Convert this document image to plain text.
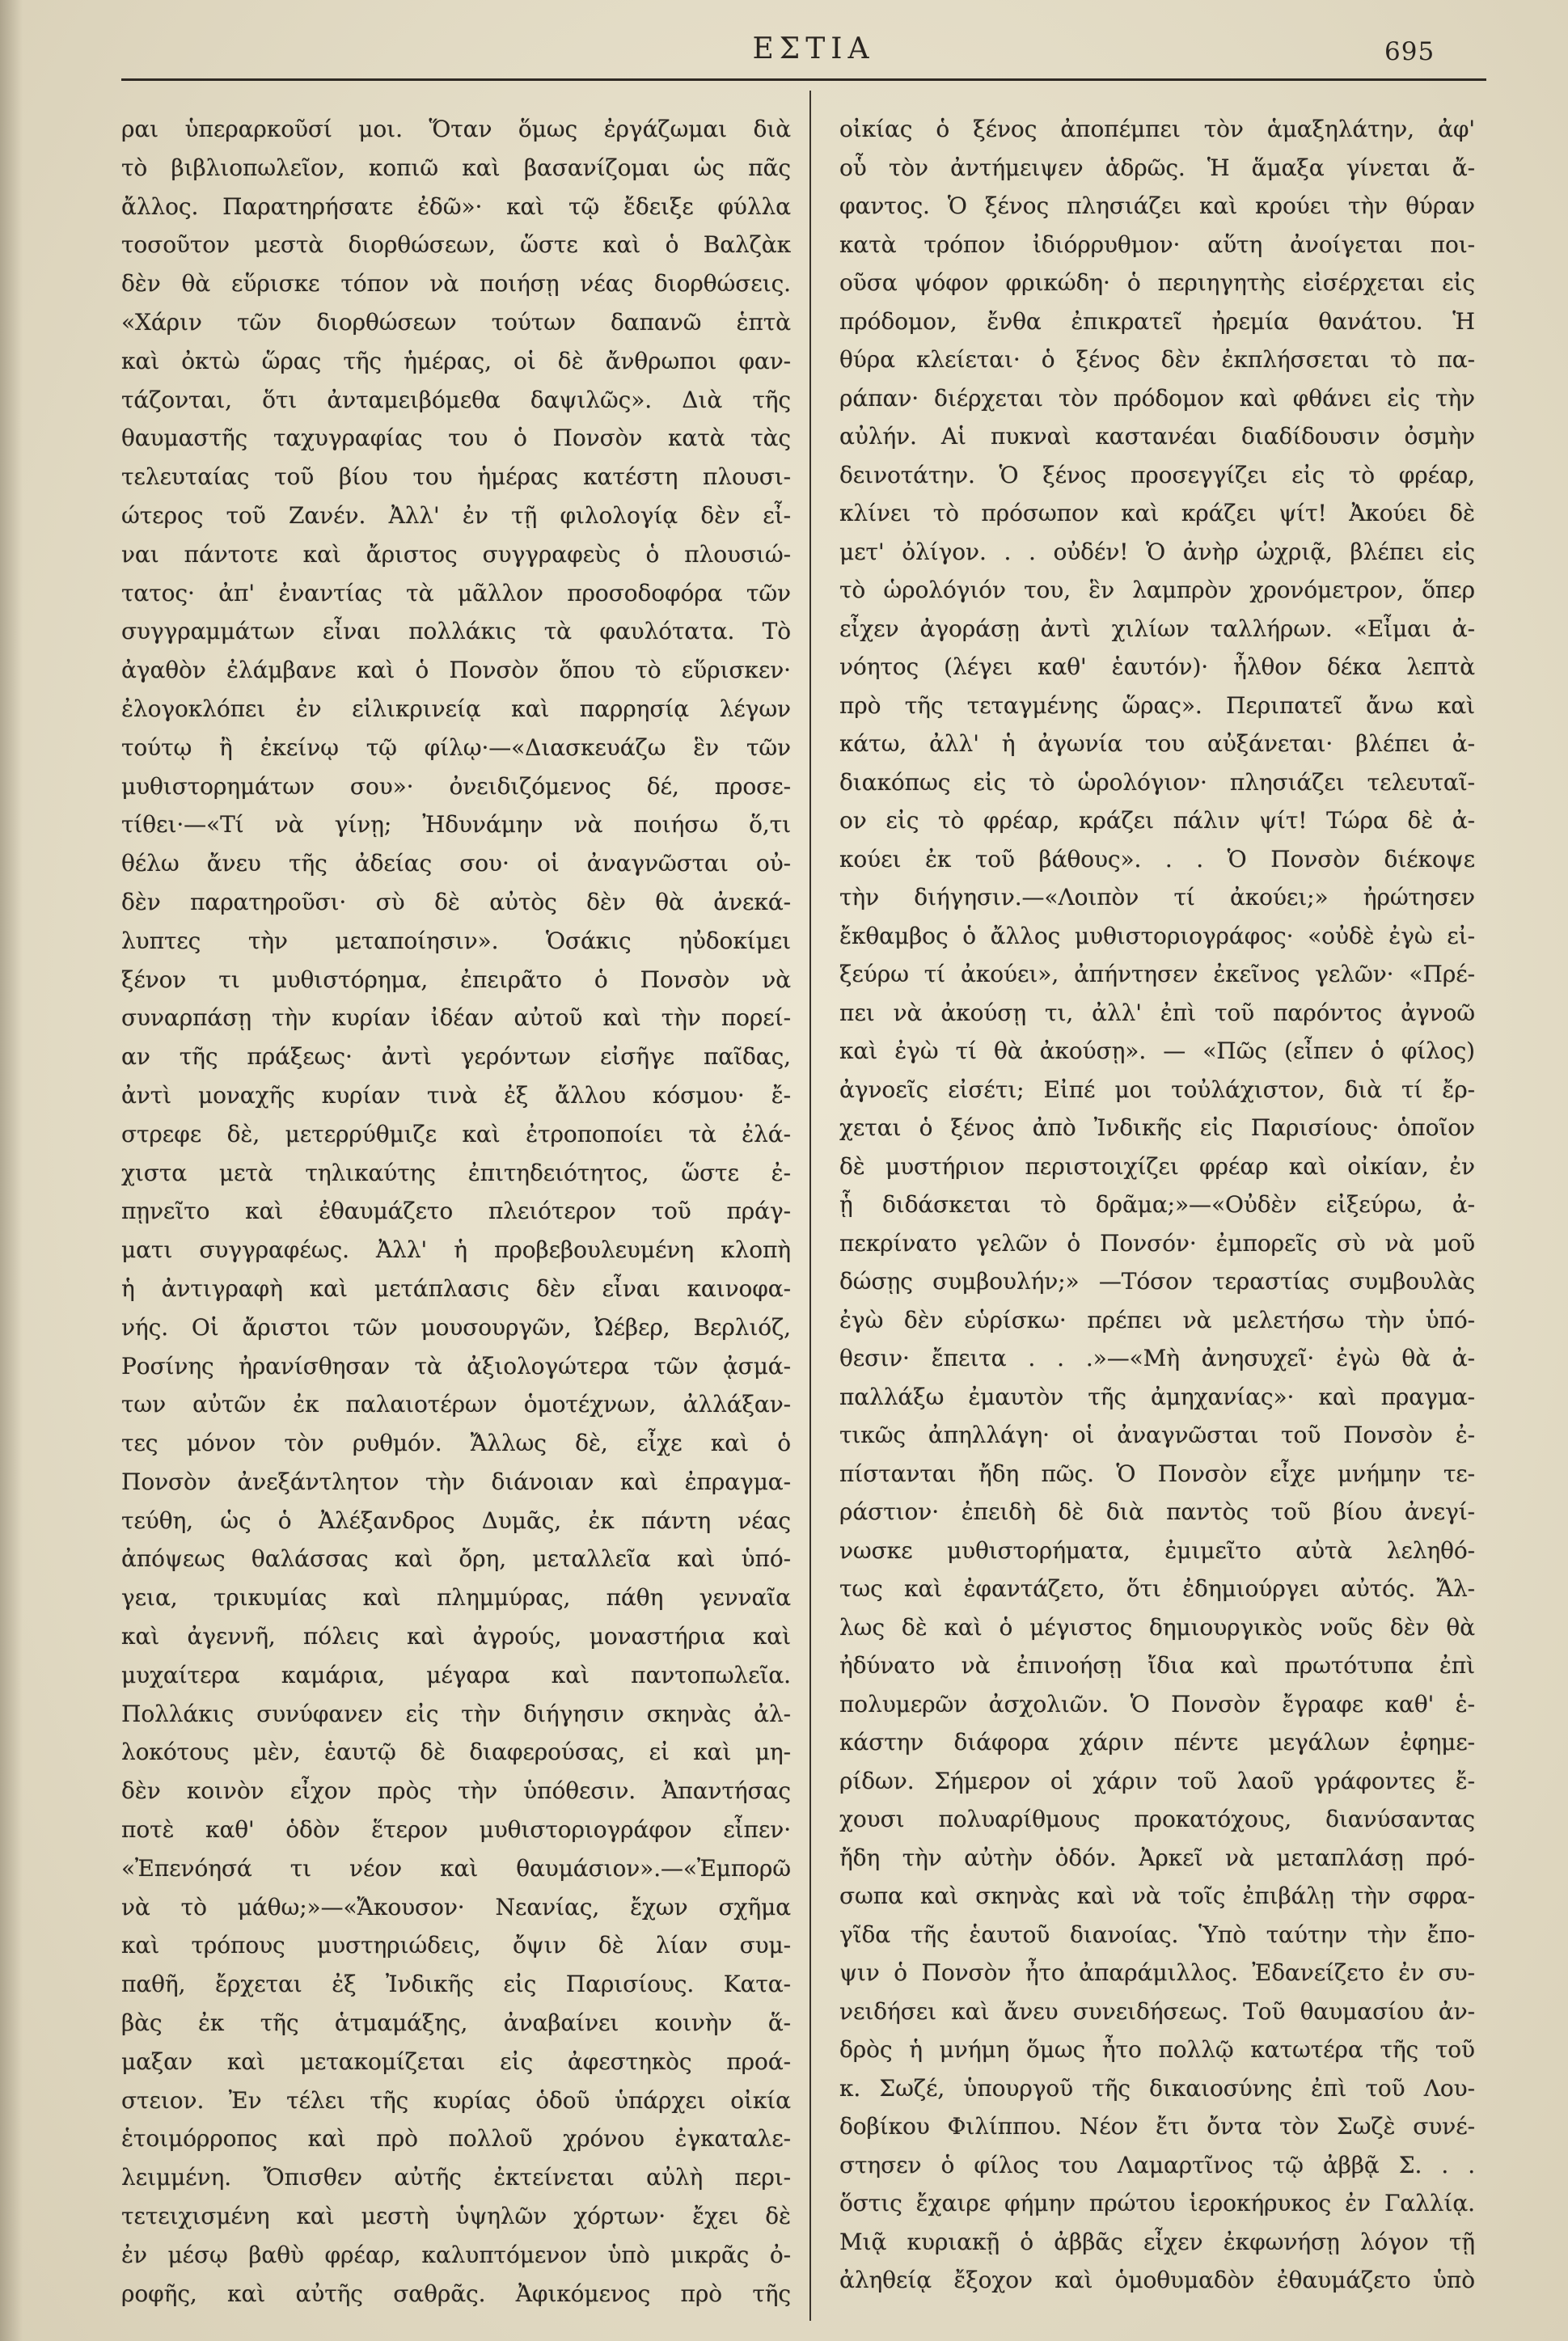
ΕΣΤΙΑ	695
ραι ὑπεραρκοῦσί μοι. Ὅταν ὅμως ἐργάζωμαι διὰ
τὸ βιβλιοπωλεῖον, κοπιῶ καὶ βασανίζομαι ὡς πᾶς
ἄλλος. Παρατηρήσατε ἐδῶ»· καὶ τῷ ἔδειξε φύλλα
τοσοῦτον μεστὰ διορθώσεων, ὥστε καὶ ὁ Βαλζὰκ
δὲν θὰ εὕρισκε τόπον νὰ ποιήσῃ νέας διορθώσεις.
«Χάριν τῶν διορθώσεων τούτων δαπανῶ ἑπτὰ
καὶ ὀκτὼ ὥρας τῆς ἡμέρας, οἱ δὲ ἄνθρωποι φαν-
τάζονται, ὅτι ἀνταμειβόμεθα δαψιλῶς». Διὰ τῆς
θαυμαστῆς ταχυγραφίας του ὁ Πονσὸν κατὰ τὰς
τελευταίας τοῦ βίου του ἡμέρας κατέστη πλουσι-
ώτερος τοῦ Ζανέν. Ἀλλ' ἐν τῇ φιλολογίᾳ δὲν εἶ-
ναι πάντοτε καὶ ἄριστος συγγραφεὺς ὁ πλουσιώ-
τατος· ἀπ' ἐναντίας τὰ μᾶλλον προσοδοφόρα τῶν
συγγραμμάτων εἶναι πολλάκις τὰ φαυλότατα. Τὸ
ἀγαθὸν ἐλάμβανε καὶ ὁ Πονσὸν ὅπου τὸ εὕρισκεν·
ἐλογοκλόπει ἐν εἰλικρινείᾳ καὶ παρρησίᾳ λέγων
τούτῳ ἢ ἐκείνῳ τῷ φίλῳ·—«Διασκευάζω ἓν τῶν
μυθιστορημάτων σου»· ὀνειδιζόμενος δέ, προσε-
τίθει·—«Τί νὰ γίνῃ; Ἠδυνάμην νὰ ποιήσω ὅ,τι
θέλω ἄνευ τῆς ἀδείας σου· οἱ ἀναγνῶσται οὐ-
δὲν παρατηροῦσι· σὺ δὲ αὐτὸς δὲν θὰ ἀνεκά-
λυπτες τὴν μεταποίησιν». Ὁσάκις ηὐδοκίμει
ξένον τι μυθιστόρημα, ἐπειρᾶτο ὁ Πονσὸν νὰ
συναρπάσῃ τὴν κυρίαν ἰδέαν αὐτοῦ καὶ τὴν πορεί-
αν τῆς πράξεως· ἀντὶ γερόντων εἰσῆγε παῖδας,
ἀντὶ μοναχῆς κυρίαν τινὰ ἐξ ἄλλου κόσμου· ἔ-
στρεφε δὲ, μετερρύθμιζε καὶ ἐτροποποίει τὰ ἐλά-
χιστα μετὰ τηλικαύτης ἐπιτηδειότητος, ὥστε ἐ-
πῃνεῖτο καὶ ἐθαυμάζετο πλειότερον τοῦ πράγ-
ματι συγγραφέως. Ἀλλ' ἡ προβεβουλευμένη κλοπὴ
ἡ ἀντιγραφὴ καὶ μετάπλασις δὲν εἶναι καινοφα-
νής. Οἱ ἄριστοι τῶν μουσουργῶν, Ὠέβερ, Βερλιόζ,
Ροσίνης ἠρανίσθησαν τὰ ἀξιολογώτερα τῶν ᾀσμά-
των αὐτῶν ἐκ παλαιοτέρων ὁμοτέχνων, ἀλλάξαν-
τες μόνον τὸν ρυθμόν. Ἄλλως δὲ, εἶχε καὶ ὁ
Πονσὸν ἀνεξάντλητον τὴν διάνοιαν καὶ ἐπραγμα-
τεύθη, ὡς ὁ Ἀλέξανδρος Δυμᾶς, ἐκ πάντη νέας
ἀπόψεως θαλάσσας καὶ ὄρη, μεταλλεῖα καὶ ὑπό-
γεια, τρικυμίας καὶ πλημμύρας, πάθη γενναῖα
καὶ ἀγεννῆ, πόλεις καὶ ἀγρούς, μοναστήρια καὶ
μυχαίτερα καμάρια, μέγαρα καὶ παντοπωλεῖα.
Πολλάκις συνύφανεν εἰς τὴν διήγησιν σκηνὰς ἀλ-
λοκότους μὲν, ἑαυτῷ δὲ διαφερούσας, εἰ καὶ μη-
δὲν κοινὸν εἶχον πρὸς τὴν ὑπόθεσιν. Ἀπαντήσας
ποτὲ καθ' ὁδὸν ἕτερον μυθιστοριογράφον εἶπεν·
«Ἐπενόησά τι νέον καὶ θαυμάσιον».—«Ἐμπορῶ
νὰ τὸ μάθω;»—«Ἄκουσον· Νεανίας, ἔχων σχῆμα
καὶ τρόπους μυστηριώδεις, ὄψιν δὲ λίαν συμ-
παθῆ, ἔρχεται ἐξ Ἰνδικῆς εἰς Παρισίους. Κατα-
βὰς ἐκ τῆς ἁτμαμάξης, ἀναβαίνει κοινὴν ἅ-
μαξαν καὶ μετακομίζεται εἰς ἀφεστηκὸς προά-
στειον. Ἐν τέλει τῆς κυρίας ὁδοῦ ὑπάρχει οἰκία
ἑτοιμόρροπος καὶ πρὸ πολλοῦ χρόνου ἐγκαταλε-
λειμμένη. Ὄπισθεν αὐτῆς ἐκτείνεται αὐλὴ περι-
τετειχισμένη καὶ μεστὴ ὑψηλῶν χόρτων· ἔχει δὲ
ἐν μέσῳ βαθὺ φρέαρ, καλυπτόμενον ὑπὸ μικρᾶς ὀ-
ροφῆς, καὶ αὐτῆς σαθρᾶς. Ἀφικόμενος πρὸ τῆς
οἰκίας ὁ ξένος ἀποπέμπει τὸν ἁμαξηλάτην, ἀφ'
οὗ τὸν ἀντήμειψεν ἁδρῶς. Ἡ ἅμαξα γίνεται ἄ-
φαντος. Ὁ ξένος πλησιάζει καὶ κρούει τὴν θύραν
κατὰ τρόπον ἰδιόρρυθμον· αὕτη ἀνοίγεται ποι-
οῦσα ψόφον φρικώδη· ὁ περιηγητὴς εἰσέρχεται εἰς
πρόδομον, ἔνθα ἐπικρατεῖ ἠρεμία θανάτου. Ἡ
θύρα κλείεται· ὁ ξένος δὲν ἐκπλήσσεται τὸ πα-
ράπαν· διέρχεται τὸν πρόδομον καὶ φθάνει εἰς τὴν
αὐλήν. Αἱ πυκναὶ καστανέαι διαδίδουσιν ὀσμὴν
δεινοτάτην. Ὁ ξένος προσεγγίζει εἰς τὸ φρέαρ,
κλίνει τὸ πρόσωπον καὶ κράζει ψίτ! Ἀκούει δὲ
μετ' ὀλίγον. . . οὐδέν! Ὁ ἀνὴρ ὠχριᾷ, βλέπει εἰς
τὸ ὡρολόγιόν του, ἓν λαμπρὸν χρονόμετρον, ὅπερ
εἶχεν ἀγοράσῃ ἀντὶ χιλίων ταλλήρων. «Εἶμαι ἀ-
νόητος (λέγει καθ' ἑαυτόν)· ἦλθον δέκα λεπτὰ
πρὸ τῆς τεταγμένης ὥρας». Περιπατεῖ ἄνω καὶ
κάτω, ἀλλ' ἡ ἀγωνία του αὐξάνεται· βλέπει ἀ-
διακόπως εἰς τὸ ὡρολόγιον· πλησιάζει τελευταῖ-
ον εἰς τὸ φρέαρ, κράζει πάλιν ψίτ! Τώρα δὲ ἀ-
κούει ἐκ τοῦ βάθους». . . Ὁ Πονσὸν διέκοψε
τὴν διήγησιν.—«Λοιπὸν τί ἀκούει;» ἠρώτησεν
ἔκθαμβος ὁ ἄλλος μυθιστοριογράφος· «οὐδὲ ἐγὼ εἰ-
ξεύρω τί ἀκούει», ἀπήντησεν ἐκεῖνος γελῶν· «Πρέ-
πει νὰ ἀκούσῃ τι, ἀλλ' ἐπὶ τοῦ παρόντος ἀγνοῶ
καὶ ἐγὼ τί θὰ ἀκούσῃ». — «Πῶς (εἶπεν ὁ φίλος)
ἀγνοεῖς εἰσέτι; Εἰπέ μοι τοὐλάχιστον, διὰ τί ἔρ-
χεται ὁ ξένος ἀπὸ Ἰνδικῆς εἰς Παρισίους· ὁποῖον
δὲ μυστήριον περιστοιχίζει φρέαρ καὶ οἰκίαν, ἐν
ᾗ διδάσκεται τὸ δρᾶμα;»—«Οὐδὲν εἰξεύρω, ἀ-
πεκρίνατο γελῶν ὁ Πονσόν· ἐμπορεῖς σὺ νὰ μοῦ
δώσῃς συμβουλήν;» —Τόσον τεραστίας συμβουλὰς
ἐγὼ δὲν εὑρίσκω· πρέπει νὰ μελετήσω τὴν ὑπό-
θεσιν· ἔπειτα . . .»—«Μὴ ἀνησυχεῖ· ἐγὼ θὰ ἀ-
παλλάξω ἐμαυτὸν τῆς ἀμηχανίας»· καὶ πραγμα-
τικῶς ἀπηλλάγη· οἱ ἀναγνῶσται τοῦ Πονσὸν ἐ-
πίστανται ἤδη πῶς. Ὁ Πονσὸν εἶχε μνήμην τε-
ράστιον· ἐπειδὴ δὲ διὰ παντὸς τοῦ βίου ἀνεγί-
νωσκε μυθιστορήματα, ἐμιμεῖτο αὐτὰ λεληθό-
τως καὶ ἐφαντάζετο, ὅτι ἐδημιούργει αὐτός. Ἄλ-
λως δὲ καὶ ὁ μέγιστος δημιουργικὸς νοῦς δὲν θὰ
ἠδύνατο νὰ ἐπινοήσῃ ἴδια καὶ πρωτότυπα ἐπὶ
πολυμερῶν ἀσχολιῶν. Ὁ Πονσὸν ἔγραφε καθ' ἑ-
κάστην διάφορα χάριν πέντε μεγάλων ἐφημε-
ρίδων. Σήμερον οἱ χάριν τοῦ λαοῦ γράφοντες ἔ-
χουσι πολυαρίθμους προκατόχους, διανύσαντας
ἤδη τὴν αὐτὴν ὁδόν. Ἀρκεῖ νὰ μεταπλάσῃ πρό-
σωπα καὶ σκηνὰς καὶ νὰ τοῖς ἐπιβάλῃ τὴν σφρα-
γῖδα τῆς ἑαυτοῦ διανοίας. Ὑπὸ ταύτην τὴν ἔπο-
ψιν ὁ Πονσὸν ἦτο ἀπαράμιλλος. Ἐδανείζετο ἐν συ-
νειδήσει καὶ ἄνευ συνειδήσεως. Τοῦ θαυμασίου ἀν-
δρὸς ἡ μνήμη ὅμως ἦτο πολλῷ κατωτέρα τῆς τοῦ
κ. Σωζέ, ὑπουργοῦ τῆς δικαιοσύνης ἐπὶ τοῦ Λου-
δοβίκου Φιλίππου. Νέον ἔτι ὄντα τὸν Σωζὲ συνέ-
στησεν ὁ φίλος του Λαμαρτῖνος τῷ ἀββᾷ Σ. . .
ὅστις ἔχαιρε φήμην πρώτου ἱεροκήρυκος ἐν Γαλλίᾳ.
Μιᾷ κυριακῇ ὁ ἀββᾶς εἶχεν ἐκφωνήσῃ λόγον τῇ
ἀληθείᾳ ἔξοχον καὶ ὁμοθυμαδὸν ἐθαυμάζετο ὑπὸ
